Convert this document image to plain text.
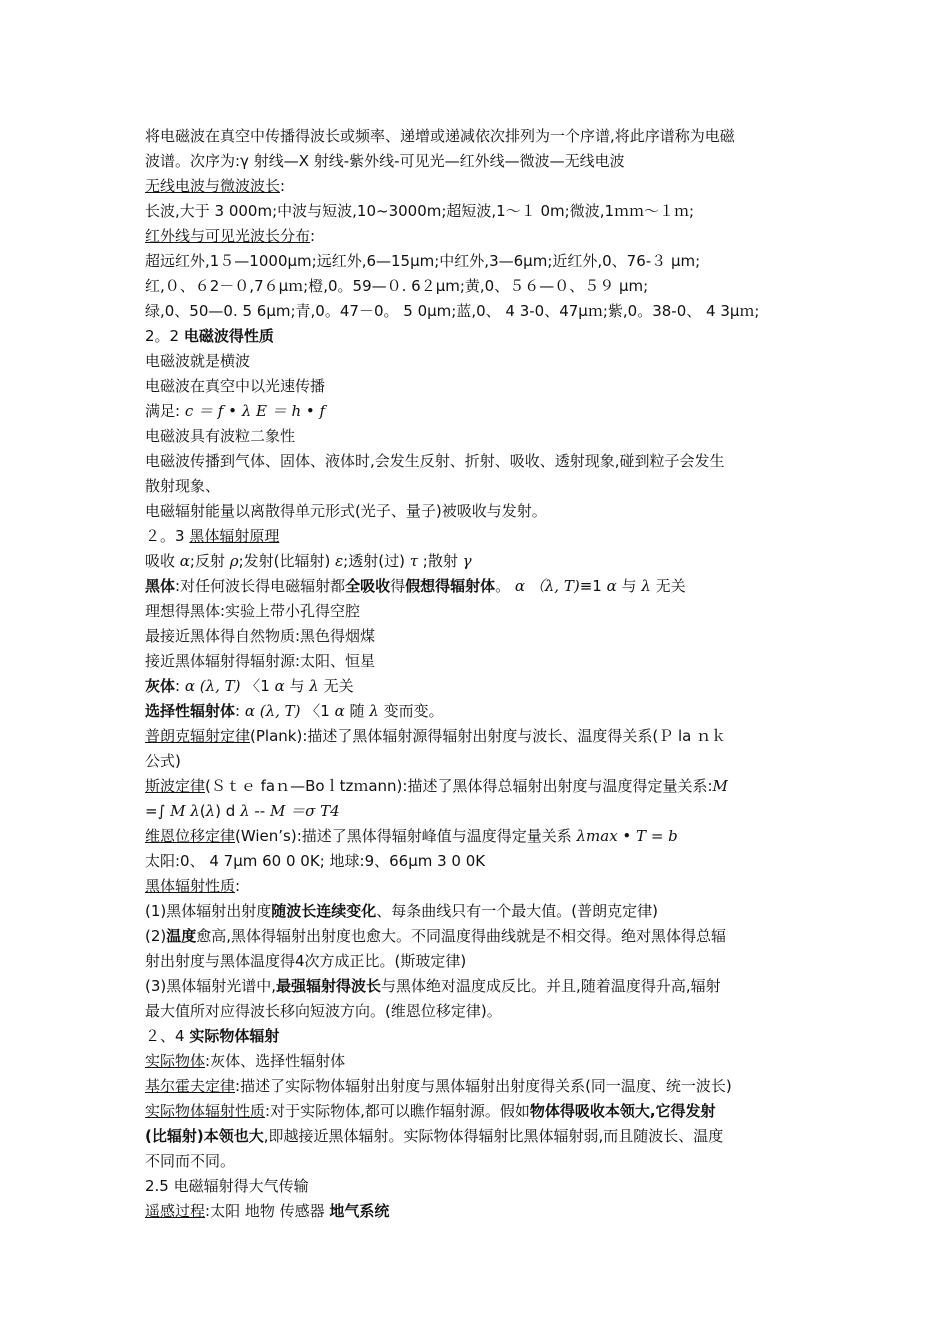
将电磁波在真空中传播得波长或频率、递增或递减依次排列为一个序谱,将此序谱称为电磁
波谱。次序为:γ 射线—X 射线-紫外线-可见光—红外线—微波—无线电波
无线电波与微波波长:
长波,大于 3 000m;中波与短波,10~3000m;超短波,1～１ 0m;微波,1ｍｍ～１ｍ;
红外线与可见光波长分布:
超远红外,1５—1000μm;远红外,6—15μm;中红外,3—6μm;近红外,0、76-３ μm;
红,０、６2－０,7６μｍ;橙,0。59—０. 6２μm;黄,0、５６—０、５９ μm;
绿,0、50—0. 5 6μm;青,0。47－0。 5 0μm;蓝,0、 4 3-0、47μｍ;紫,0。38-0、 4 3μｍ;
2。2 电磁波得性质
电磁波就是横波
电磁波在真空中以光速传播
满足: c ＝ f • λ E ＝ h • f
电磁波具有波粒二象性
电磁波传播到气体、固体、液体时,会发生反射、折射、吸收、透射现象,碰到粒子会发生
散射现象、
电磁辐射能量以离散得单元形式(光子、量子)被吸收与发射。
２。3 黑体辐射原理
吸收 α;反射 ρ;发射(比辐射) ε;透射(过) τ ;散射 γ
黑体:对任何波长得电磁辐射都全吸收得假想得辐射体。 α （λ, T)≡1 α 与 λ 无关
理想得黑体:实验上带小孔得空腔
最接近黑体得自然物质:黑色得烟煤
接近黑体辐射得辐射源:太阳、恒星
灰体: α (λ, T) 〈1 α 与 λ 无关
选择性辐射体: α (λ, T) 〈1 α 随 λ 变而变。
普朗克辐射定律(Plank):描述了黑体辐射源得辐射出射度与波长、温度得关系(Ｐ la ｎｋ
公式)
斯波定律(Ｓｔｅ faｎ—Boｌtzｍann):描述了黑体得总辐射出射度与温度得定量关系:M
=∫ M λ(λ) d λ -- M ＝σ T4
维恩位移定律(Wien’s):描述了黑体得辐射峰值与温度得定量关系 λmax • T = b
太阳:0、 4 7μm 60 0 0K; 地球:9、66μm 3 0 0K
黑体辐射性质:
(1)黑体辐射出射度随波长连续变化、每条曲线只有一个最大值。(普朗克定律)
(2)温度愈高,黑体得辐射出射度也愈大。不同温度得曲线就是不相交得。绝对黑体得总辐
射出射度与黑体温度得4次方成正比。(斯玻定律)
(3)黑体辐射光谱中,最强辐射得波长与黑体绝对温度成反比。并且,随着温度得升高,辐射
最大值所对应得波长移向短波方向。(维恩位移定律)。
２、4 实际物体辐射
实际物体:灰体、选择性辐射体
基尔霍夫定律:描述了实际物体辐射出射度与黑体辐射出射度得关系(同一温度、统一波长)
实际物体辐射性质:对于实际物体,都可以瞧作辐射源。假如物体得吸收本领大,它得发射
(比辐射)本领也大,即越接近黑体辐射。实际物体得辐射比黑体辐射弱,而且随波长、温度
不同而不同。
2.5 电磁辐射得大气传输
遥感过程:太阳 地物 传感器 地气系统
